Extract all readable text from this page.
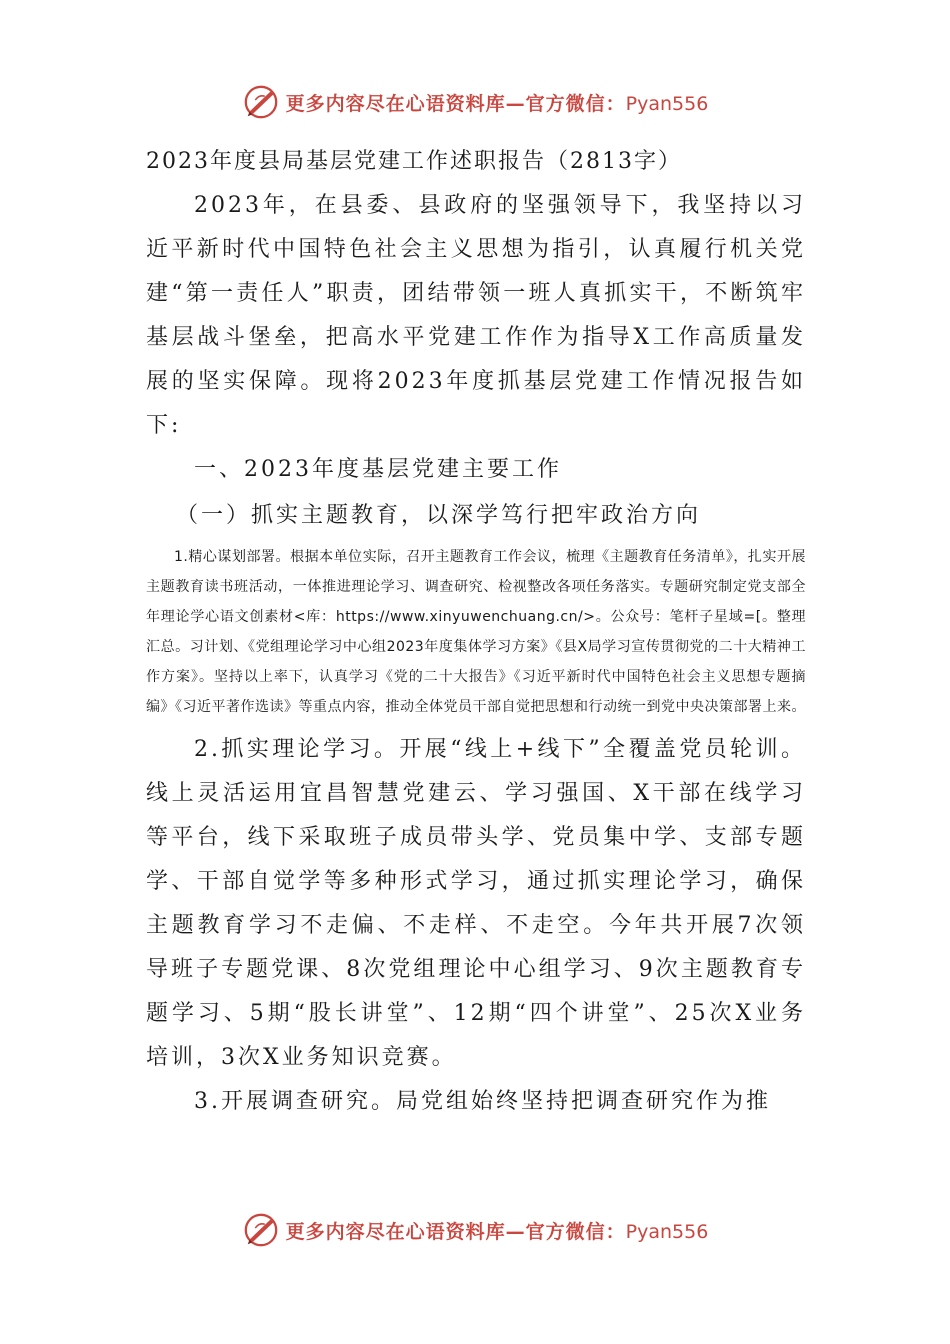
更多内容尽在心语资料库—官方微信：Pyan556

2023年度县局基层党建工作述职报告（2813字）

2023年，在县委、县政府的坚强领导下，我坚持以习近平新时代中国特色社会主义思想为指引，认真履行机关党建“第一责任人”职责，团结带领一班人真抓实干，不断筑牢基层战斗堡垒，把高水平党建工作作为指导X工作高质量发展的坚实保障。现将2023年度抓基层党建工作情况报告如下:

一、2023年度基层党建主要工作

（一）抓实主题教育，以深学笃行把牢政治方向

1.精心谋划部署。根据本单位实际，召开主题教育工作会议，梳理《主题教育任务清单》，扎实开展主题教育读书班活动，一体推进理论学习、调查研究、检视整改各项任务落实。专题研究制定党支部全年理论学心语文创素材<库：https://www.xinyuwenchuang.cn/>。公众号：笔杆子星域=[。整理汇总。习计划、《党组理论学习中心组2023年度集体学习方案》《县X局学习宣传贯彻党的二十大精神工作方案》。坚持以上率下，认真学习《党的二十大报告》《习近平新时代中国特色社会主义思想专题摘编》《习近平著作选读》等重点内容，推动全体党员干部自觉把思想和行动统一到党中央决策部署上来。

2.抓实理论学习。开展“线上+线下”全覆盖党员轮训。线上灵活运用宜昌智慧党建云、学习强国、X干部在线学习等平台，线下采取班子成员带头学、党员集中学、支部专题学、干部自觉学等多种形式学习，通过抓实理论学习，确保主题教育学习不走偏、不走样、不走空。今年共开展7次领导班子专题党课、8次党组理论中心组学习、9次主题教育专题学习、5期“股长讲堂”、12期“四个讲堂”、25次X业务培训，3次X业务知识竞赛。

3.开展调查研究。局党组始终坚持把调查研究作为推

更多内容尽在心语资料库—官方微信：Pyan556
